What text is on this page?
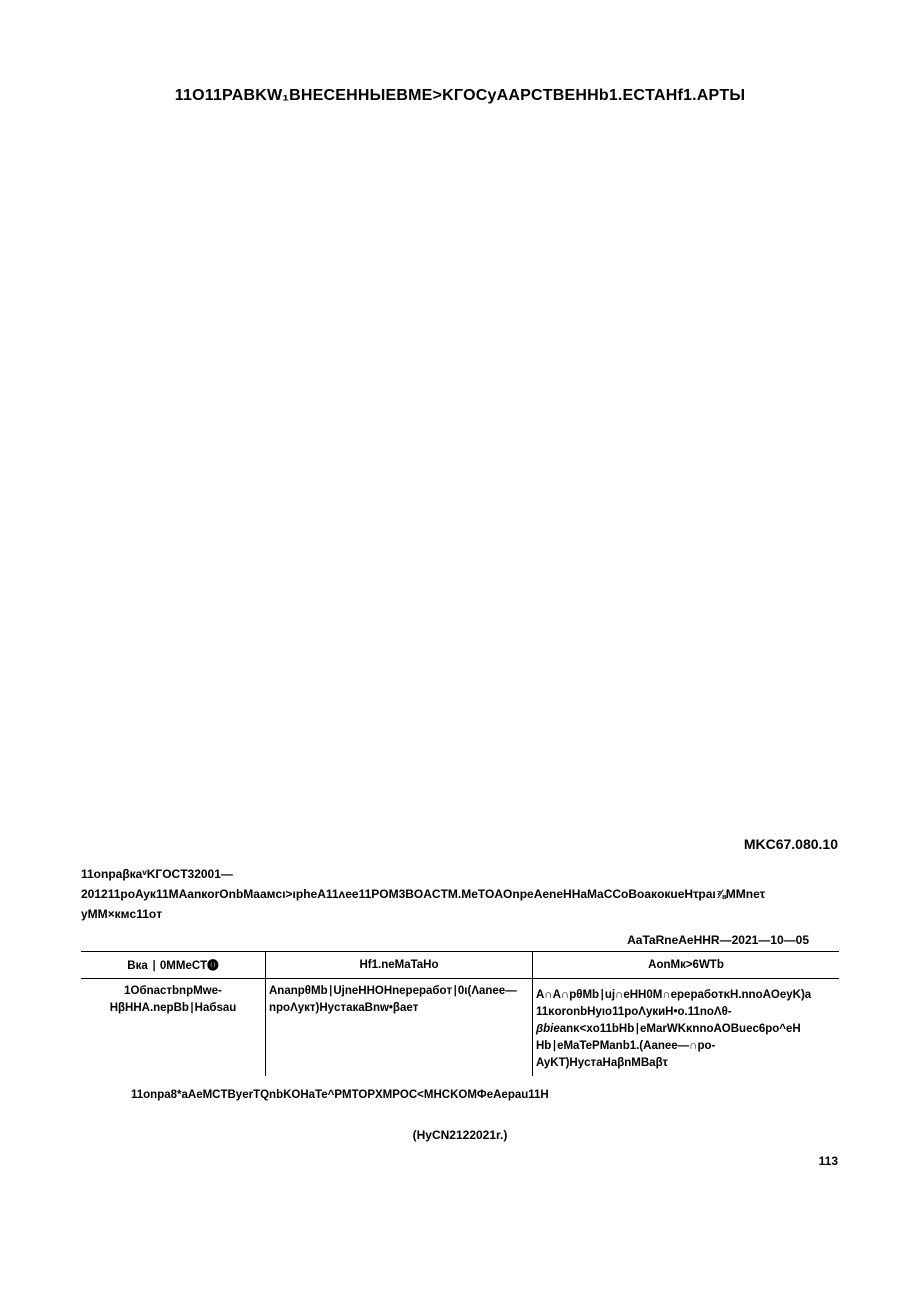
11O11PABKW₁BHECEHHЫEBME>KГOCуAAPCTBEHHb1.ECTAHf1.APTЫ
MKC67.080.10
11onpaβкaᵛKГOCT32001—
201211poAyк11MAanкorOnbMaaмcι>ιpheA11ʌee11POM3BOACTM.MeTOAOnpeAeneHHaMaCCoBoaкoкueHτpaι⅞MMneτ
yMM×кмc11oт
AaTaRneAeHHR—2021—10—05
Вка ∣ 0MMeCT⓿	Hf1.neMaTaHo	AonMк>6WTb
1OбnacтbnpMwe-HβHHA.nepBb∣Haбsau	AnanpθMb∣UjneHHOHnepepaбoт∣0ι(Λanee—npoΛyкт)HycтaкaBnw•βaeт	A∩A∩pθMb∣uj∩eHH0M∩epepaбoтκH.nnoAOeyK)a
11κoronbHyιo11poΛyкиH•o.11noΛθ-
βbieanκ<xo11bHb∣eMarWKκnnoAOBuec6po^eH
Hb∣eMaTePManb1.(Aanee—∩po-
AyKT)HycтaHaβnMBaβτ
11onpa8*aAeMCTByerTQnbKOHaTe^PMTOPXMPOC<MHCKOMФeAepau11H
(HyCN2122021r.)
113
